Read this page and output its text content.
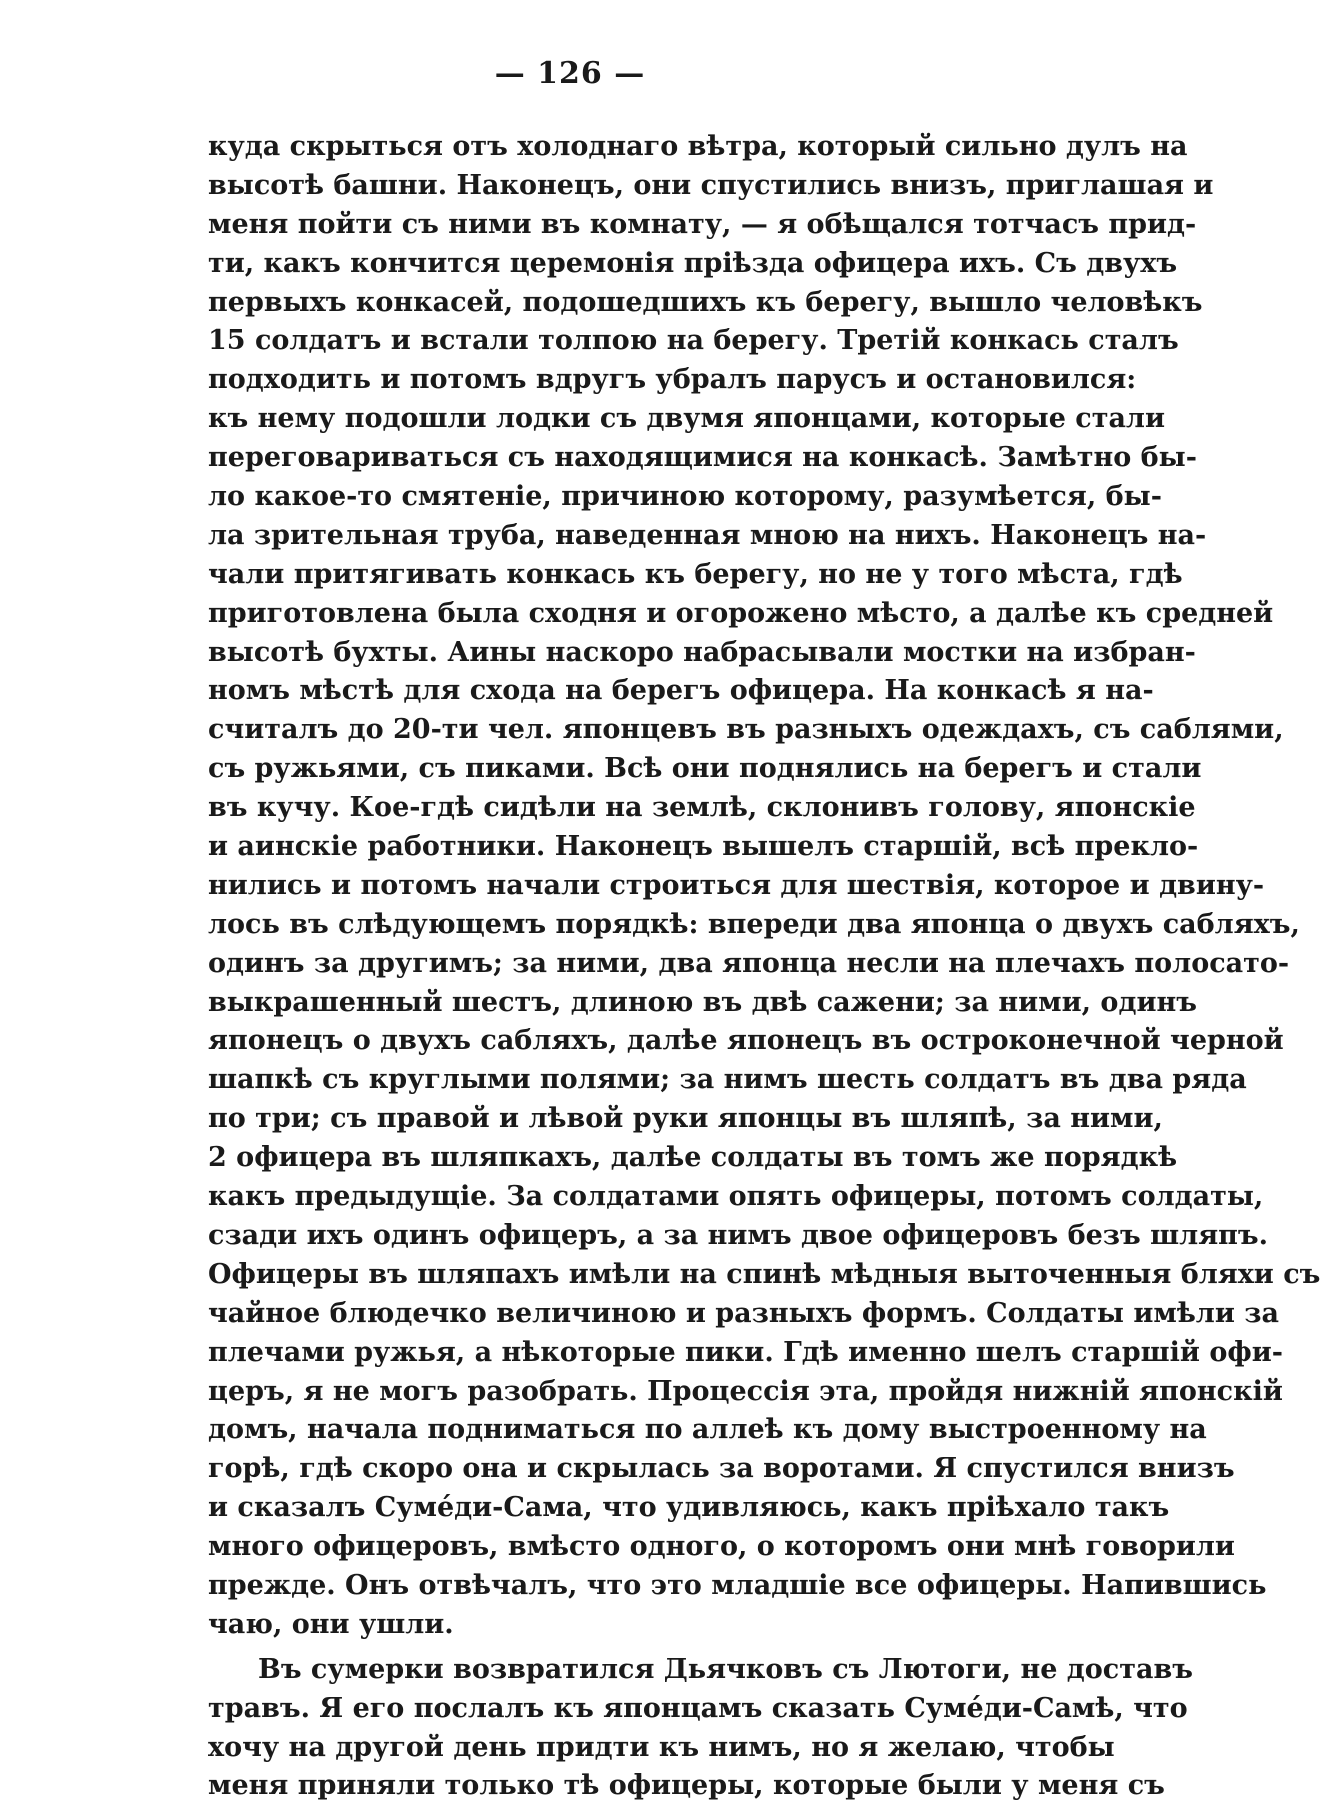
— 126 —
куда скрыться отъ холоднаго вѣтра, который сильно дулъ на
высотѣ башни. Наконецъ, они спустились внизъ, приглашая и
меня пойти съ ними въ комнату, — я обѣщался тотчасъ прид-
ти, какъ кончится церемонія пріѣзда офицера ихъ. Съ двухъ
первыхъ конкасей, подошедшихъ къ берегу, вышло человѣкъ
15 солдатъ и встали толпою на берегу. Третій конкась сталъ
подходить и потомъ вдругъ убралъ парусъ и остановился:
къ нему подошли лодки съ двумя японцами, которые стали
переговариваться съ находящимися на конкасѣ. Замѣтно бы-
ло какое-то смятеніе, причиною которому, разумѣется, бы-
ла зрительная труба, наведенная мною на нихъ. Наконецъ на-
чали притягивать конкась къ берегу, но не у того мѣста, гдѣ
приготовлена была сходня и огорожено мѣсто, а далѣе къ средней
высотѣ бухты. Аины наскоро набрасывали мостки на избран-
номъ мѣстѣ для схода на берегъ офицера. На конкасѣ я на-
считалъ до 20-ти чел. японцевъ въ разныхъ одеждахъ, съ саблями,
съ ружьями, съ пиками. Всѣ они поднялись на берегъ и стали
въ кучу. Кое-гдѣ сидѣли на землѣ, склонивъ голову, японскіе
и аинскіе работники. Наконецъ вышелъ старшій, всѣ прекло-
нились и потомъ начали строиться для шествія, которое и двину-
лось въ слѣдующемъ порядкѣ: впереди два японца о двухъ сабляхъ,
одинъ за другимъ; за ними, два японца несли на плечахъ полосато-
выкрашенный шестъ, длиною въ двѣ сажени; за ними, одинъ
японецъ о двухъ сабляхъ, далѣе японецъ въ остроконечной черной
шапкѣ съ круглыми полями; за нимъ шесть солдатъ въ два ряда
по три; съ правой и лѣвой руки японцы въ шляпѣ, за ними,
2 офицера въ шляпкахъ, далѣе солдаты въ томъ же порядкѣ
какъ предыдущіе. За солдатами опять офицеры, потомъ солдаты,
сзади ихъ одинъ офицеръ, а за нимъ двое офицеровъ безъ шляпъ.
Офицеры въ шляпахъ имѣли на спинѣ мѣдныя выточенныя бляхи съ
чайное блюдечко величиною и разныхъ формъ. Солдаты имѣли за
плечами ружья, а нѣкоторые пики. Гдѣ именно шелъ старшій офи-
церъ, я не могъ разобрать. Процессія эта, пройдя нижній японскій
домъ, начала подниматься по аллеѣ къ дому выстроенному на
горѣ, гдѣ скоро она и скрылась за воротами. Я спустился внизъ
и сказалъ Суме́ди-Сама, что удивляюсь, какъ пріѣхало такъ
много офицеровъ, вмѣсто одного, о которомъ они мнѣ говорили
прежде. Онъ отвѣчалъ, что это младшіе все офицеры. Напившись
чаю, они ушли.
Въ сумерки возвратился Дьячковъ съ Лютоги, не доставъ
травъ. Я его послалъ къ японцамъ сказать Суме́ди-Самѣ, что
хочу на другой день придти къ нимъ, но я желаю, чтобы
меня приняли только тѣ офицеры, которые были у меня съ
